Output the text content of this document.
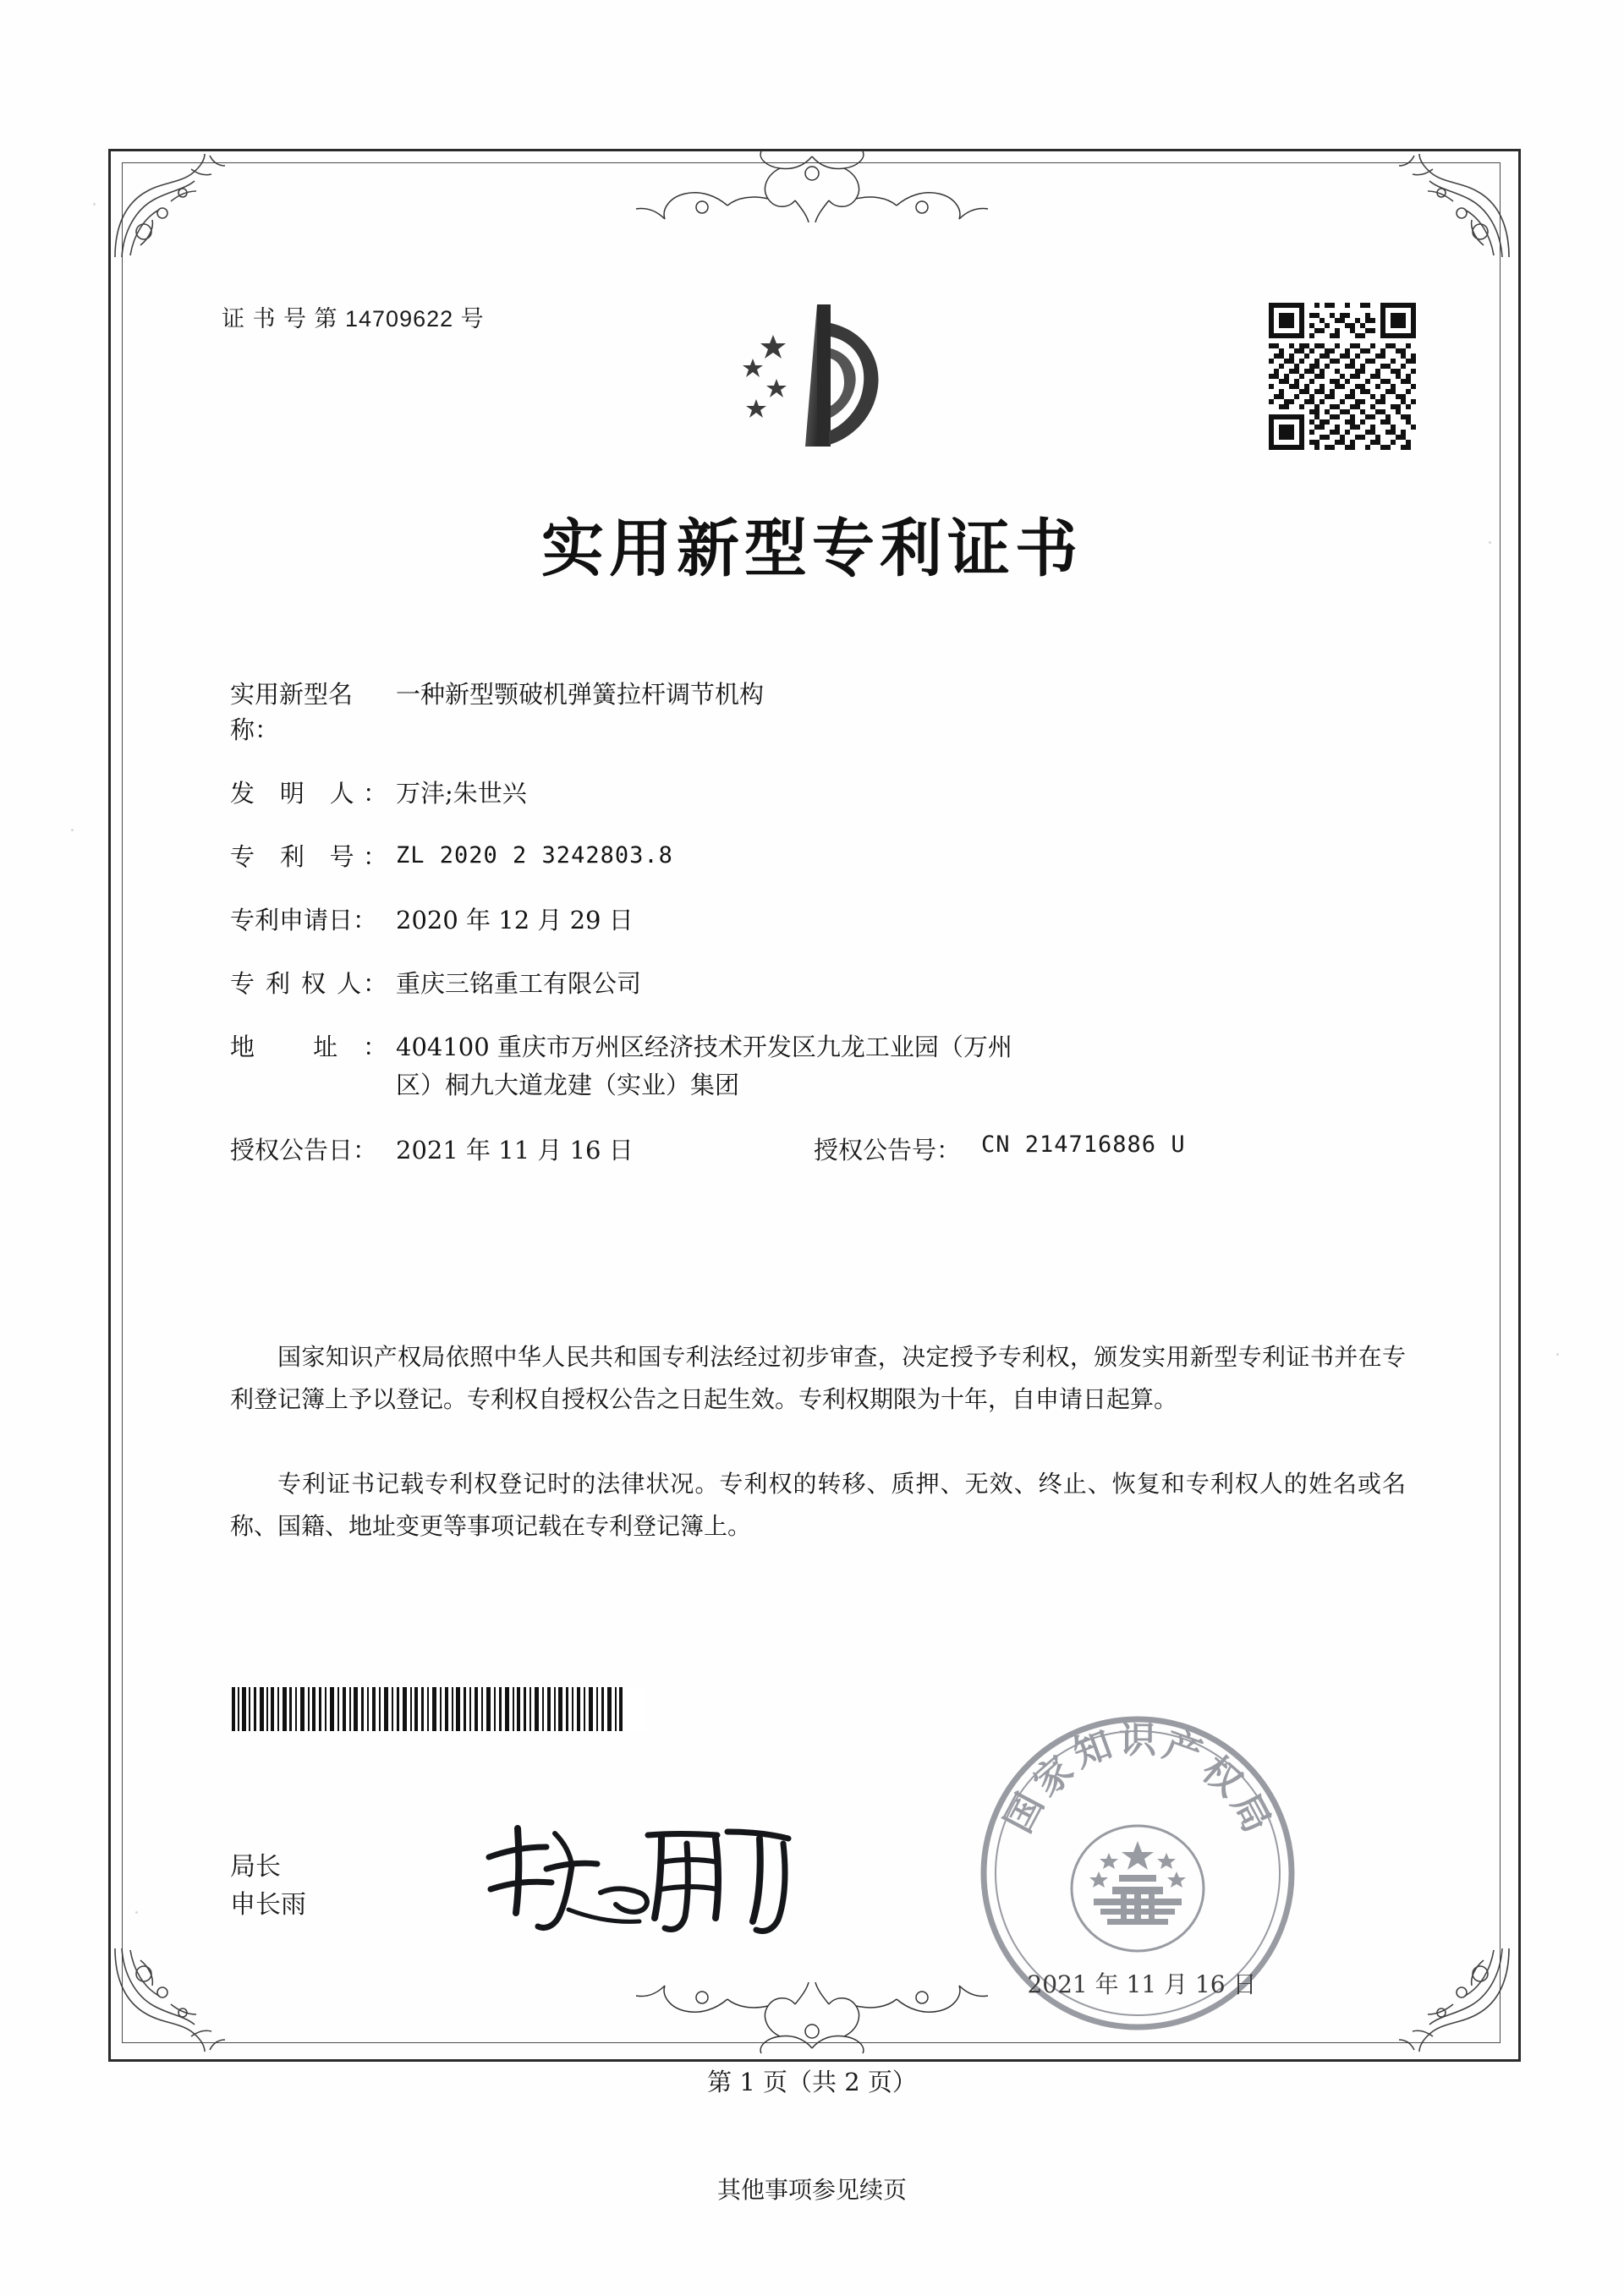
证 书 号 第 14709622 号
实用新型专利证书
实用新型名称：一种新型颚破机弹簧拉杆调节机构
发 明 人： 万沣;朱世兴
专 利 号： ZL 2020 2 3242803.8
专利申请日： 2020 年 12 月 29 日
专 利 权 人： 重庆三铭重工有限公司
地 址： 404100 重庆市万州区经济技术开发区九龙工业园（万州
区）桐九大道龙建（实业）集团
授权公告日： 2021 年 11 月 16 日	授权公告号： CN 214716886 U
国家知识产权局依照中华人民共和国专利法经过初步审查，决定授予专利权，颁发实用新型专利证书并在专利登记簿上予以登记。专利权自授权公告之日起生效。专利权期限为十年，自申请日起算。
专利证书记载专利权登记时的法律状况。专利权的转移、质押、无效、终止、恢复和专利权人的姓名或名称、国籍、地址变更等事项记载在专利登记簿上。
局长
申长雨
国
家
知 识 产
权
局
2021 年 11 月 16 日
第 1 页（共 2 页）
其他事项参见续页
